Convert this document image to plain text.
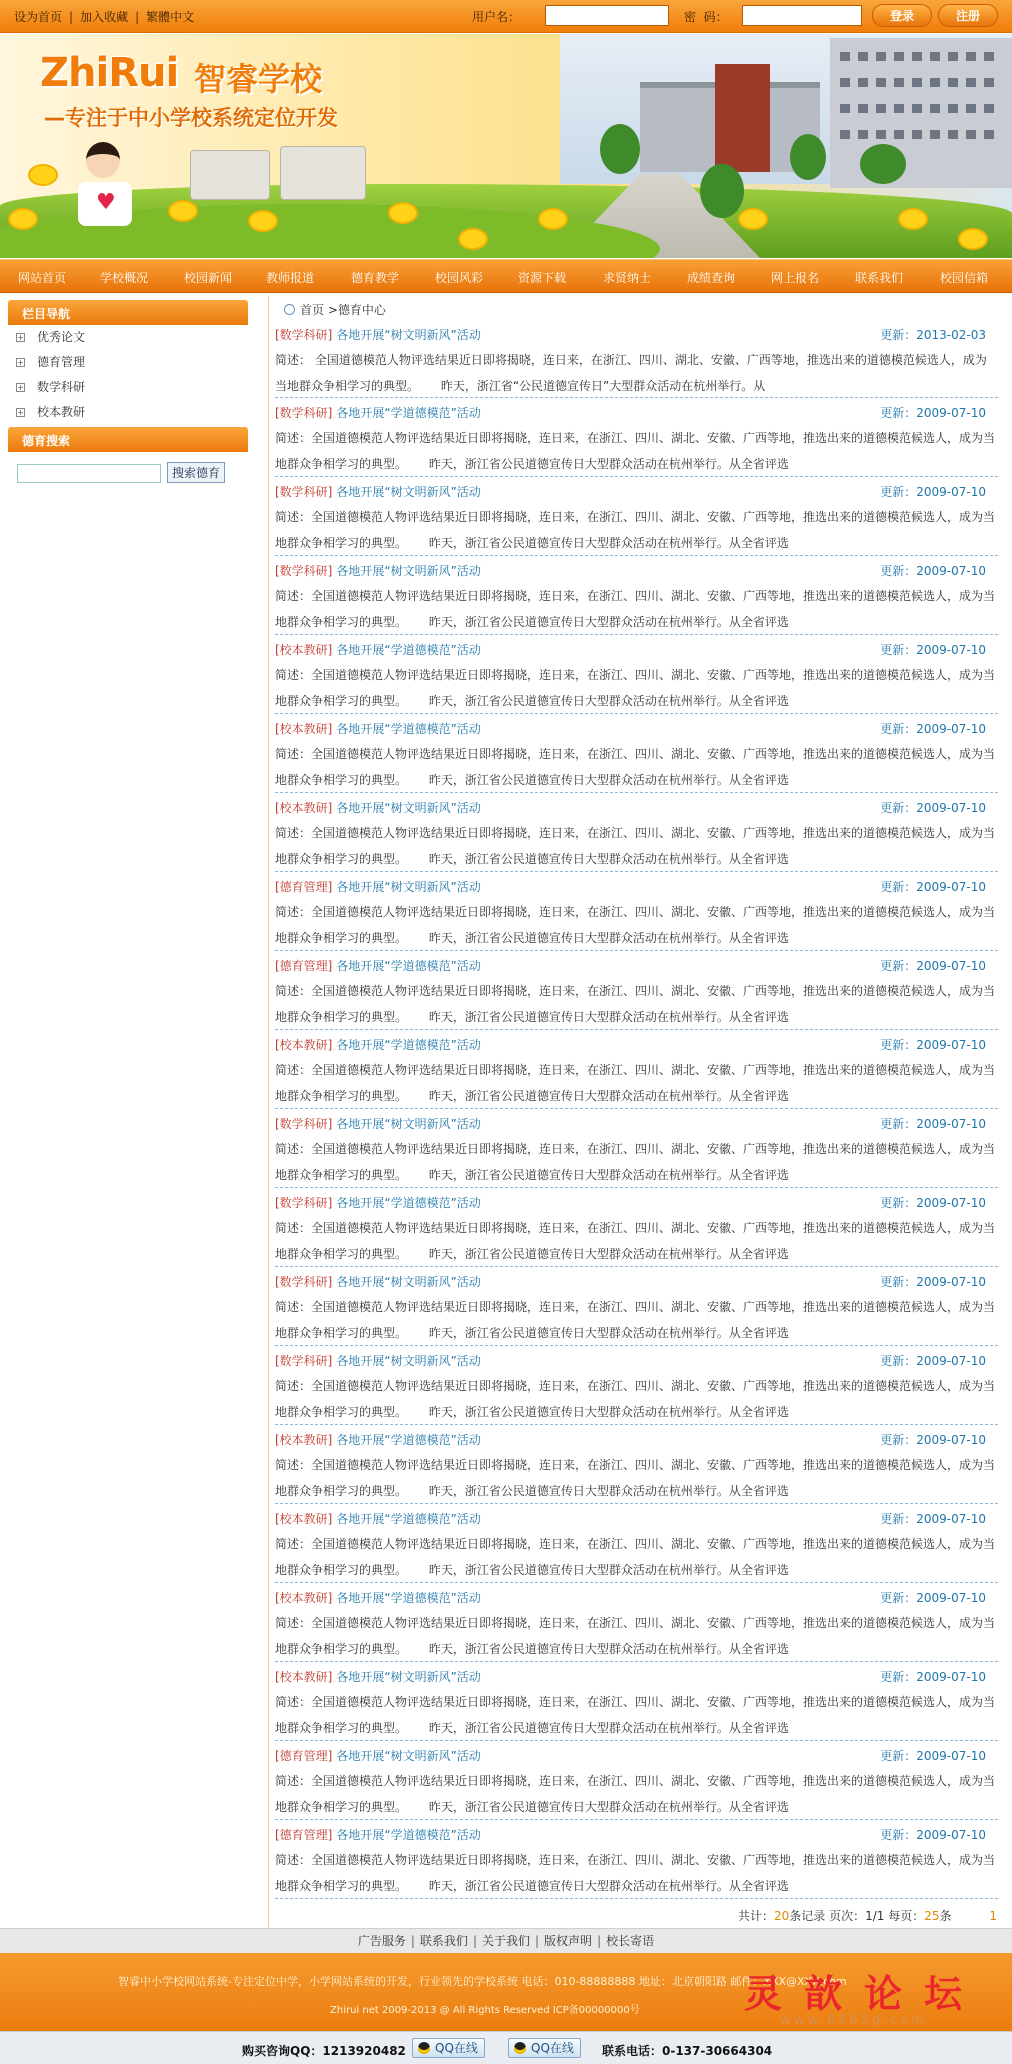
设为首页 | 加入收藏 | 繁體中文	用户名：	密  码：	登录	注册
♥
ZhiRui 智睿学校
—专注于中小学校系统定位开发
网站首页	学校概况	校园新闻	教师报道	德育教学	校园风彩	资源下载	求贤纳士	成绩查询	网上报名	联系我们	校园信箱
栏目导航
+ 优秀论文
+ 德育管理
+ 数学科研
+ 校本教研
德育搜索
搜索德育
首页 >德育中心
[数学科研] 各地开展“树文明新风”活动	更新：2013-02-03
简述： 全国道德模范人物评选结果近日即将揭晓，连日来，在浙江、四川、湖北、安徽、广西等地，推选出来的道德模范候选人，成为当地群众争相学习的典型。　　 昨天，浙江省“公民道德宣传日”大型群众活动在杭州举行。从
[数学科研] 各地开展“学道德模范”活动	更新：2009-07-10
简述：全国道德模范人物评选结果近日即将揭晓，连日来，在浙江、四川、湖北、安徽、广西等地，推选出来的道德模范候选人，成为当地群众争相学习的典型。　　 昨天，浙江省公民道德宣传日大型群众活动在杭州举行。从全省评选
[数学科研] 各地开展“树文明新风”活动	更新：2009-07-10
简述：全国道德模范人物评选结果近日即将揭晓，连日来，在浙江、四川、湖北、安徽、广西等地，推选出来的道德模范候选人，成为当地群众争相学习的典型。　　 昨天，浙江省公民道德宣传日大型群众活动在杭州举行。从全省评选
[数学科研] 各地开展“树文明新风”活动	更新：2009-07-10
简述：全国道德模范人物评选结果近日即将揭晓，连日来，在浙江、四川、湖北、安徽、广西等地，推选出来的道德模范候选人，成为当地群众争相学习的典型。　　 昨天，浙江省公民道德宣传日大型群众活动在杭州举行。从全省评选
[校本教研] 各地开展“学道德模范”活动	更新：2009-07-10
简述：全国道德模范人物评选结果近日即将揭晓，连日来，在浙江、四川、湖北、安徽、广西等地，推选出来的道德模范候选人，成为当地群众争相学习的典型。　　 昨天，浙江省公民道德宣传日大型群众活动在杭州举行。从全省评选
[校本教研] 各地开展“学道德模范”活动	更新：2009-07-10
简述：全国道德模范人物评选结果近日即将揭晓，连日来，在浙江、四川、湖北、安徽、广西等地，推选出来的道德模范候选人，成为当地群众争相学习的典型。　　 昨天，浙江省公民道德宣传日大型群众活动在杭州举行。从全省评选
[校本教研] 各地开展“树文明新风”活动	更新：2009-07-10
简述：全国道德模范人物评选结果近日即将揭晓，连日来，在浙江、四川、湖北、安徽、广西等地，推选出来的道德模范候选人，成为当地群众争相学习的典型。　　 昨天，浙江省公民道德宣传日大型群众活动在杭州举行。从全省评选
[德育管理] 各地开展“树文明新风”活动	更新：2009-07-10
简述：全国道德模范人物评选结果近日即将揭晓，连日来，在浙江、四川、湖北、安徽、广西等地，推选出来的道德模范候选人，成为当地群众争相学习的典型。　　 昨天，浙江省公民道德宣传日大型群众活动在杭州举行。从全省评选
[德育管理] 各地开展“学道德模范”活动	更新：2009-07-10
简述：全国道德模范人物评选结果近日即将揭晓，连日来，在浙江、四川、湖北、安徽、广西等地，推选出来的道德模范候选人，成为当地群众争相学习的典型。　　 昨天，浙江省公民道德宣传日大型群众活动在杭州举行。从全省评选
[校本教研] 各地开展“学道德模范”活动	更新：2009-07-10
简述：全国道德模范人物评选结果近日即将揭晓，连日来，在浙江、四川、湖北、安徽、广西等地，推选出来的道德模范候选人，成为当地群众争相学习的典型。　　 昨天，浙江省公民道德宣传日大型群众活动在杭州举行。从全省评选
[数学科研] 各地开展“树文明新风”活动	更新：2009-07-10
简述：全国道德模范人物评选结果近日即将揭晓，连日来，在浙江、四川、湖北、安徽、广西等地，推选出来的道德模范候选人，成为当地群众争相学习的典型。　　 昨天，浙江省公民道德宣传日大型群众活动在杭州举行。从全省评选
[数学科研] 各地开展“学道德模范”活动	更新：2009-07-10
简述：全国道德模范人物评选结果近日即将揭晓，连日来，在浙江、四川、湖北、安徽、广西等地，推选出来的道德模范候选人，成为当地群众争相学习的典型。　　 昨天，浙江省公民道德宣传日大型群众活动在杭州举行。从全省评选
[数学科研] 各地开展“树文明新风”活动	更新：2009-07-10
简述：全国道德模范人物评选结果近日即将揭晓，连日来，在浙江、四川、湖北、安徽、广西等地，推选出来的道德模范候选人，成为当地群众争相学习的典型。　　 昨天，浙江省公民道德宣传日大型群众活动在杭州举行。从全省评选
[数学科研] 各地开展“树文明新风”活动	更新：2009-07-10
简述：全国道德模范人物评选结果近日即将揭晓，连日来，在浙江、四川、湖北、安徽、广西等地，推选出来的道德模范候选人，成为当地群众争相学习的典型。　　 昨天，浙江省公民道德宣传日大型群众活动在杭州举行。从全省评选
[校本教研] 各地开展“学道德模范”活动	更新：2009-07-10
简述：全国道德模范人物评选结果近日即将揭晓，连日来，在浙江、四川、湖北、安徽、广西等地，推选出来的道德模范候选人，成为当地群众争相学习的典型。　　 昨天，浙江省公民道德宣传日大型群众活动在杭州举行。从全省评选
[校本教研] 各地开展“学道德模范”活动	更新：2009-07-10
简述：全国道德模范人物评选结果近日即将揭晓，连日来，在浙江、四川、湖北、安徽、广西等地，推选出来的道德模范候选人，成为当地群众争相学习的典型。　　 昨天，浙江省公民道德宣传日大型群众活动在杭州举行。从全省评选
[校本教研] 各地开展“学道德模范”活动	更新：2009-07-10
简述：全国道德模范人物评选结果近日即将揭晓，连日来，在浙江、四川、湖北、安徽、广西等地，推选出来的道德模范候选人，成为当地群众争相学习的典型。　　 昨天，浙江省公民道德宣传日大型群众活动在杭州举行。从全省评选
[校本教研] 各地开展“树文明新风”活动	更新：2009-07-10
简述：全国道德模范人物评选结果近日即将揭晓，连日来，在浙江、四川、湖北、安徽、广西等地，推选出来的道德模范候选人，成为当地群众争相学习的典型。　　 昨天，浙江省公民道德宣传日大型群众活动在杭州举行。从全省评选
[德育管理] 各地开展“树文明新风”活动	更新：2009-07-10
简述：全国道德模范人物评选结果近日即将揭晓，连日来，在浙江、四川、湖北、安徽、广西等地，推选出来的道德模范候选人，成为当地群众争相学习的典型。　　 昨天，浙江省公民道德宣传日大型群众活动在杭州举行。从全省评选
[德育管理] 各地开展“学道德模范”活动	更新：2009-07-10
简述：全国道德模范人物评选结果近日即将揭晓，连日来，在浙江、四川、湖北、安徽、广西等地，推选出来的道德模范候选人，成为当地群众争相学习的典型。　　 昨天，浙江省公民道德宣传日大型群众活动在杭州举行。从全省评选
共计：20条记录 页次：1/1 每页：25条	1
广告服务 | 联系我们 | 关于我们 | 版权声明 | 校长寄语
智睿中小学校网站系统-专注定位中学，小学网站系统的开发，行业领先的学校系统 电话：010-88888888 地址：北京朝阳路 邮件：XXX@XXX.com
Zhirui net 2009-2013 @ All Rights Reserved ICP备00000000号	灵歆论坛
www.6665q.com
购买咨询QQ：1213920482	QQ在线	QQ在线	联系电话：0-137-30664304
